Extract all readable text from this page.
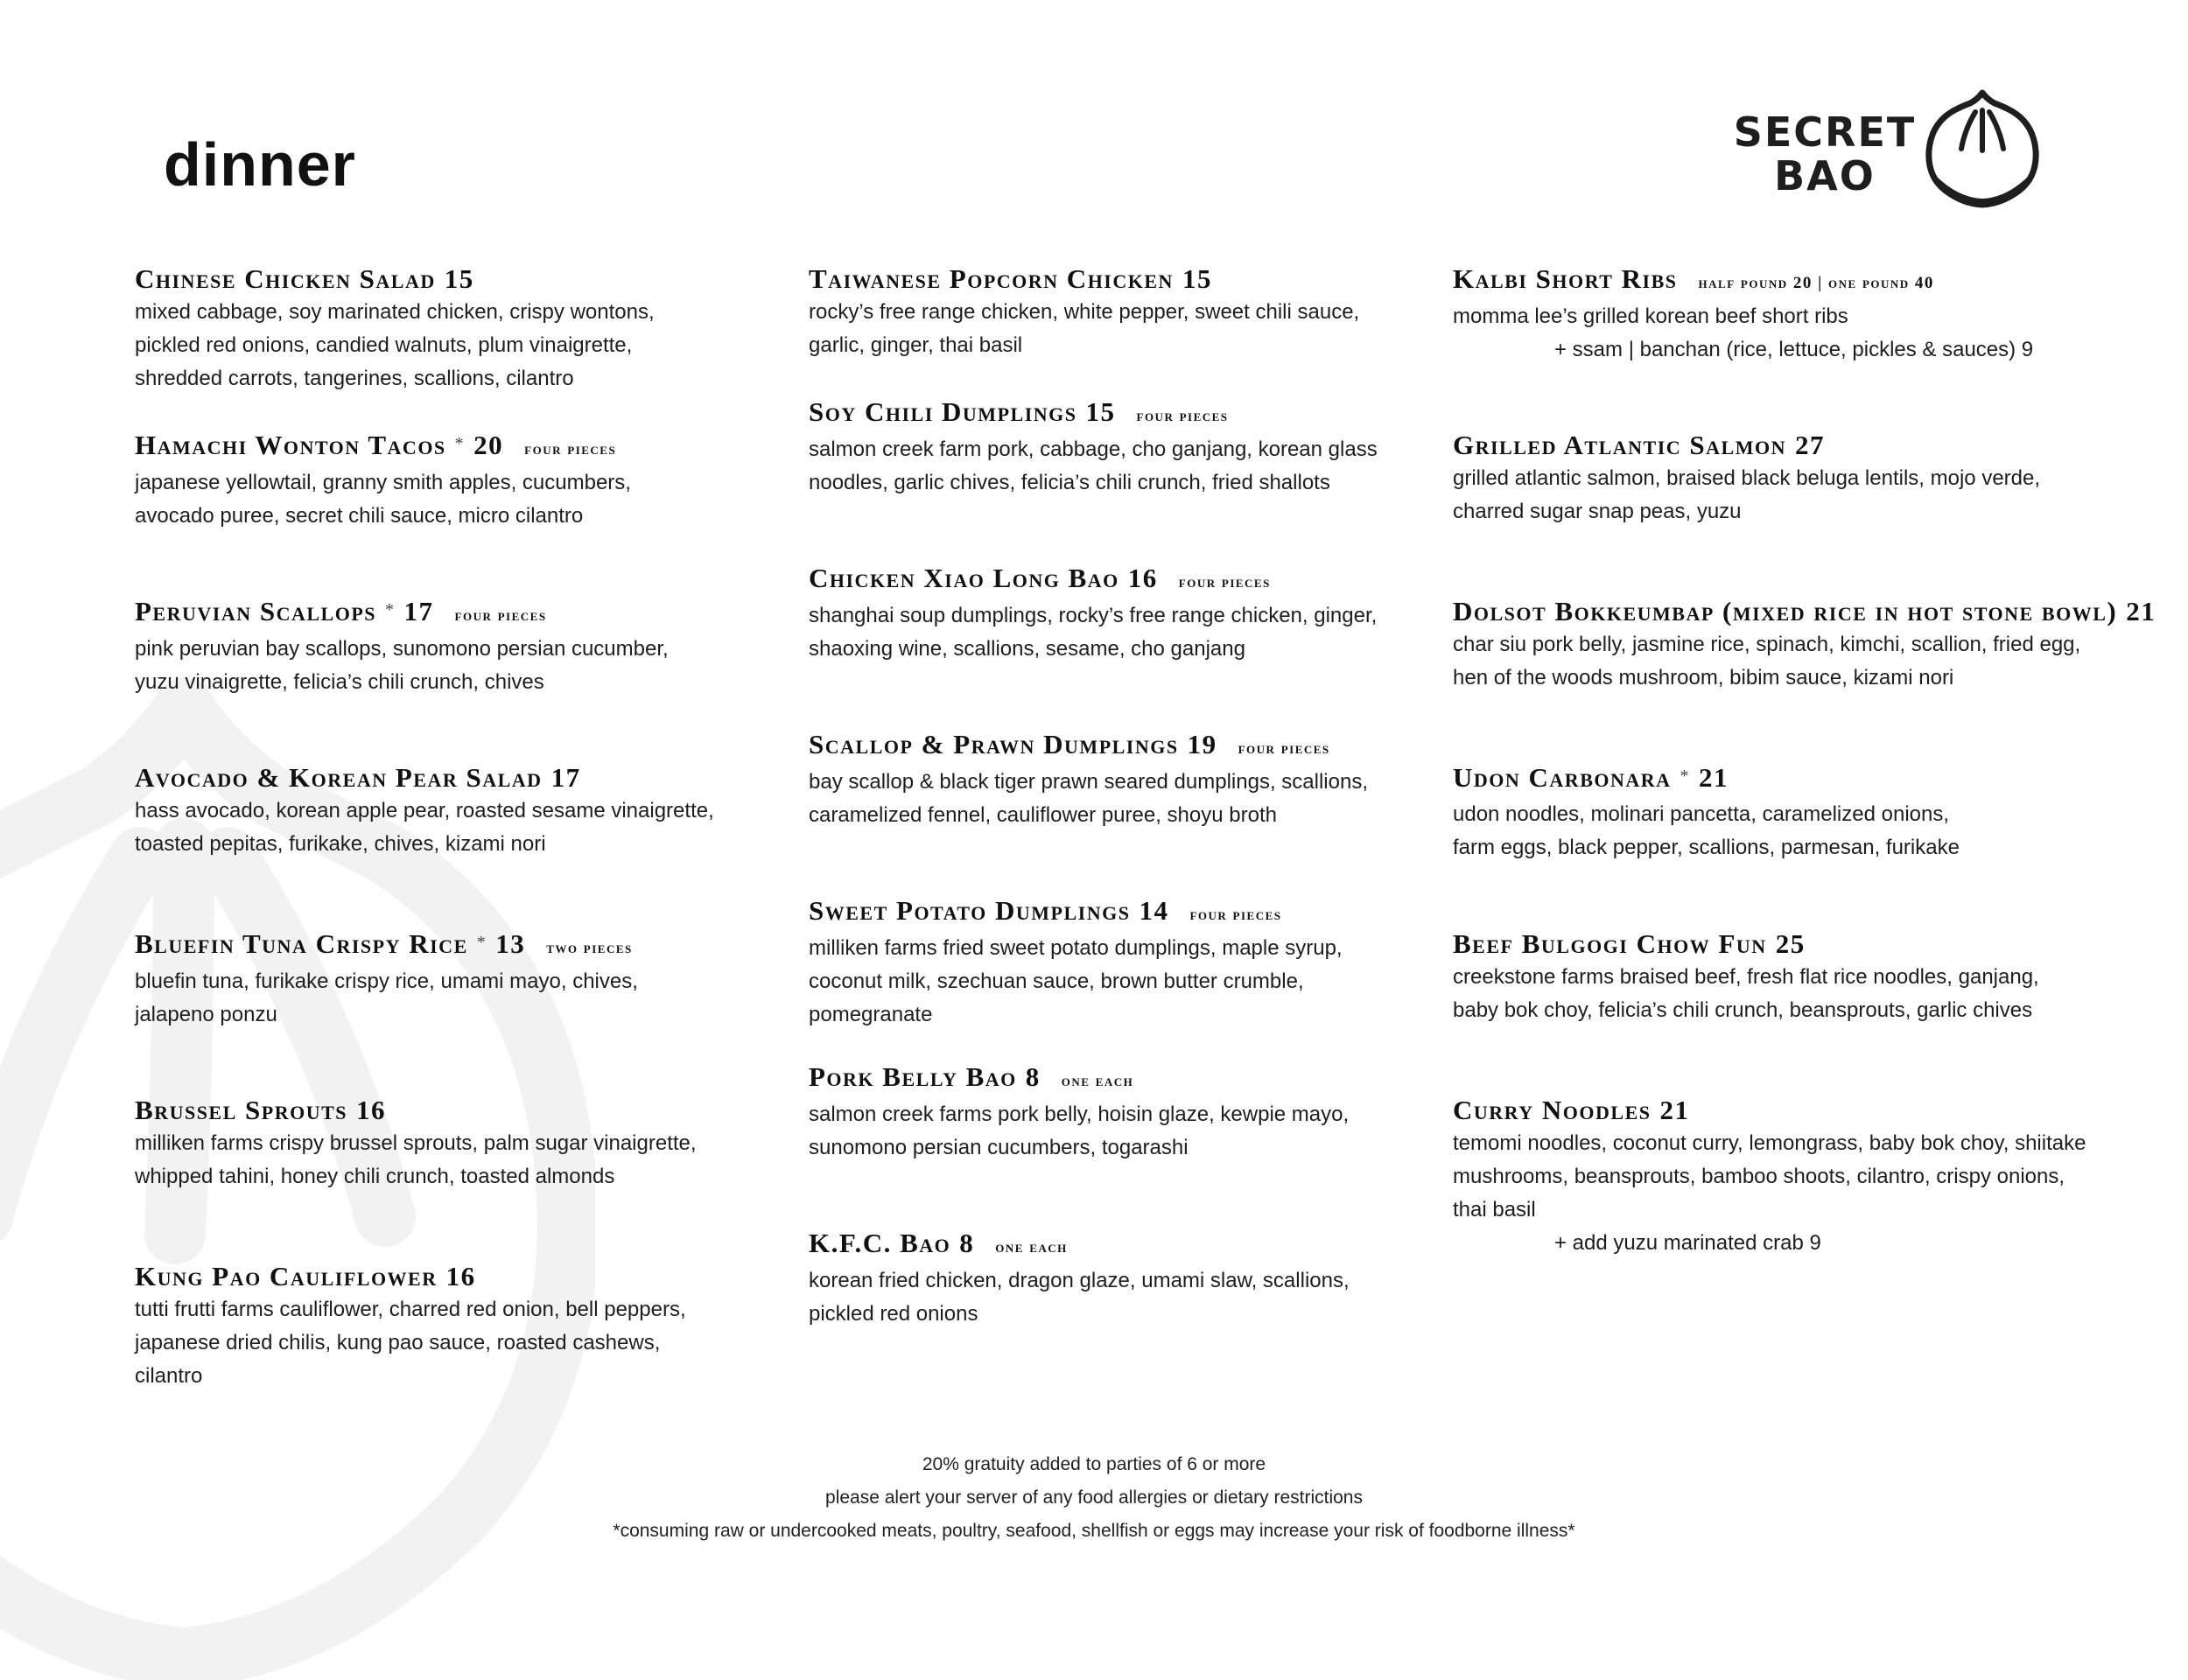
dinner	SECRET
BAO

Chinese Chicken Salad 15

mixed cabbage, soy marinated chicken, crispy wontons,

pickled red onions, candied walnuts, plum vinaigrette,

shredded carrots, tangerines, scallions, cilantro

Hamachi Wonton Tacos * 20 four pieces

japanese yellowtail, granny smith apples, cucumbers,

avocado puree, secret chili sauce, micro cilantro

Peruvian Scallops * 17 four pieces

pink peruvian bay scallops, sunomono persian cucumber,

yuzu vinaigrette, felicia’s chili crunch, chives

Avocado & Korean Pear Salad 17

hass avocado, korean apple pear, roasted sesame vinaigrette,

toasted pepitas, furikake, chives, kizami nori

Bluefin Tuna Crispy Rice * 13 two pieces

bluefin tuna, furikake crispy rice, umami mayo, chives,

jalapeno ponzu

Brussel Sprouts 16

milliken farms crispy brussel sprouts, palm sugar vinaigrette,

whipped tahini, honey chili crunch, toasted almonds

Kung Pao Cauliflower 16

tutti frutti farms cauliflower, charred red onion, bell peppers,

japanese dried chilis, kung pao sauce, roasted cashews,

cilantro

Taiwanese Popcorn Chicken 15

rocky’s free range chicken, white pepper, sweet chili sauce,

garlic, ginger, thai basil

Soy Chili Dumplings 15 four pieces

salmon creek farm pork, cabbage, cho ganjang, korean glass

noodles, garlic chives, felicia’s chili crunch, fried shallots

Chicken Xiao Long Bao 16 four pieces

shanghai soup dumplings, rocky’s free range chicken, ginger,

shaoxing wine, scallions, sesame, cho ganjang

Scallop & Prawn Dumplings 19 four pieces

bay scallop & black tiger prawn seared dumplings, scallions,

caramelized fennel, cauliflower puree, shoyu broth

Sweet Potato Dumplings 14 four pieces

milliken farms fried sweet potato dumplings, maple syrup,

coconut milk, szechuan sauce, brown butter crumble,

pomegranate

Pork Belly Bao 8 one each

salmon creek farms pork belly, hoisin glaze, kewpie mayo,

sunomono persian cucumbers, togarashi

K.F.C. Bao 8 one each

korean fried chicken, dragon glaze, umami slaw, scallions,

pickled red onions

Kalbi Short Ribs half pound 20 | one pound 40

momma lee’s grilled korean beef short ribs

+ ssam | banchan (rice, lettuce, pickles & sauces) 9

Grilled Atlantic Salmon 27

grilled atlantic salmon, braised black beluga lentils, mojo verde,

charred sugar snap peas, yuzu

Dolsot Bokkeumbap (mixed rice in hot stone bowl) 21

char siu pork belly, jasmine rice, spinach, kimchi, scallion, fried egg,

hen of the woods mushroom, bibim sauce, kizami nori

Udon Carbonara * 21

udon noodles, molinari pancetta, caramelized onions,

farm eggs, black pepper, scallions, parmesan, furikake

Beef Bulgogi Chow Fun 25

creekstone farms braised beef, fresh flat rice noodles, ganjang,

baby bok choy, felicia’s chili crunch, beansprouts, garlic chives

Curry Noodles 21

temomi noodles, coconut curry, lemongrass, baby bok choy, shiitake

mushrooms, beansprouts, bamboo shoots, cilantro, crispy onions,

thai basil

+ add yuzu marinated crab 9

20% gratuity added to parties of 6 or more

please alert your server of any food allergies or dietary restrictions

*consuming raw or undercooked meats, poultry, seafood, shellfish or eggs may increase your risk of foodborne illness*
